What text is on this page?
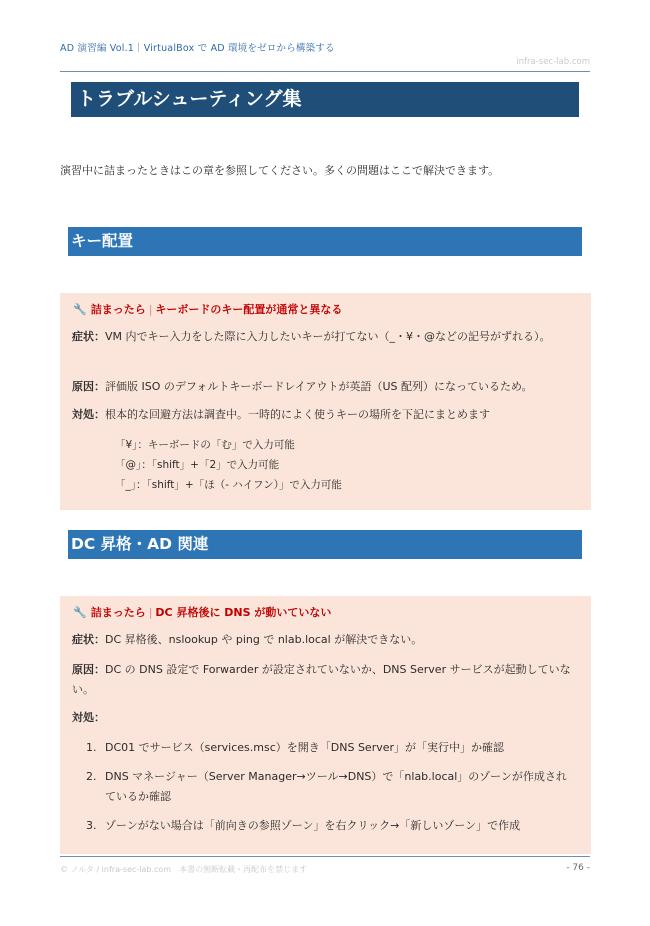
AD 演習編 Vol.1｜VirtualBox で AD 環境をゼロから構築する
infra-sec-lab.com
トラブルシューティング集
演習中に詰まったときはこの章を参照してください。多くの問題はここで解決できます。
キー配置
🔧 詰まったら | キーボードのキー配置が通常と異なる
症状：VM 内でキー入力をした際に入力したいキーが打てない（_・¥・@などの記号がずれる）。
原因：評価版 ISO のデフォルトキーボードレイアウトが英語（US 配列）になっているため。
対処：根本的な回避方法は調査中。一時的によく使うキーの場所を下記にまとめます
「¥」：キーボードの「む」で入力可能
「@」：「shift」+「2」で入力可能
「_」：「shift」+「ほ（- ハイフン）」で入力可能
DC 昇格・AD 関連
🔧 詰まったら | DC 昇格後に DNS が動いていない
症状：DC 昇格後、nslookup や ping で nlab.local が解決できない。
原因：DC の DNS 設定で Forwarder が設定されていないか、DNS Server サービスが起動していない。
対処：
1. DC01 でサービス（services.msc）を開き「DNS Server」が「実行中」か確認
2. DNS マネージャー（Server Manager→ツール→DNS）で「nlab.local」のゾーンが作成されているか確認
3. ゾーンがない場合は「前向きの参照ゾーン」を右クリック→「新しいゾーン」で作成
© ノルタ / infra-sec-lab.com　本書の無断転載・再配布を禁じます	- 76 -
